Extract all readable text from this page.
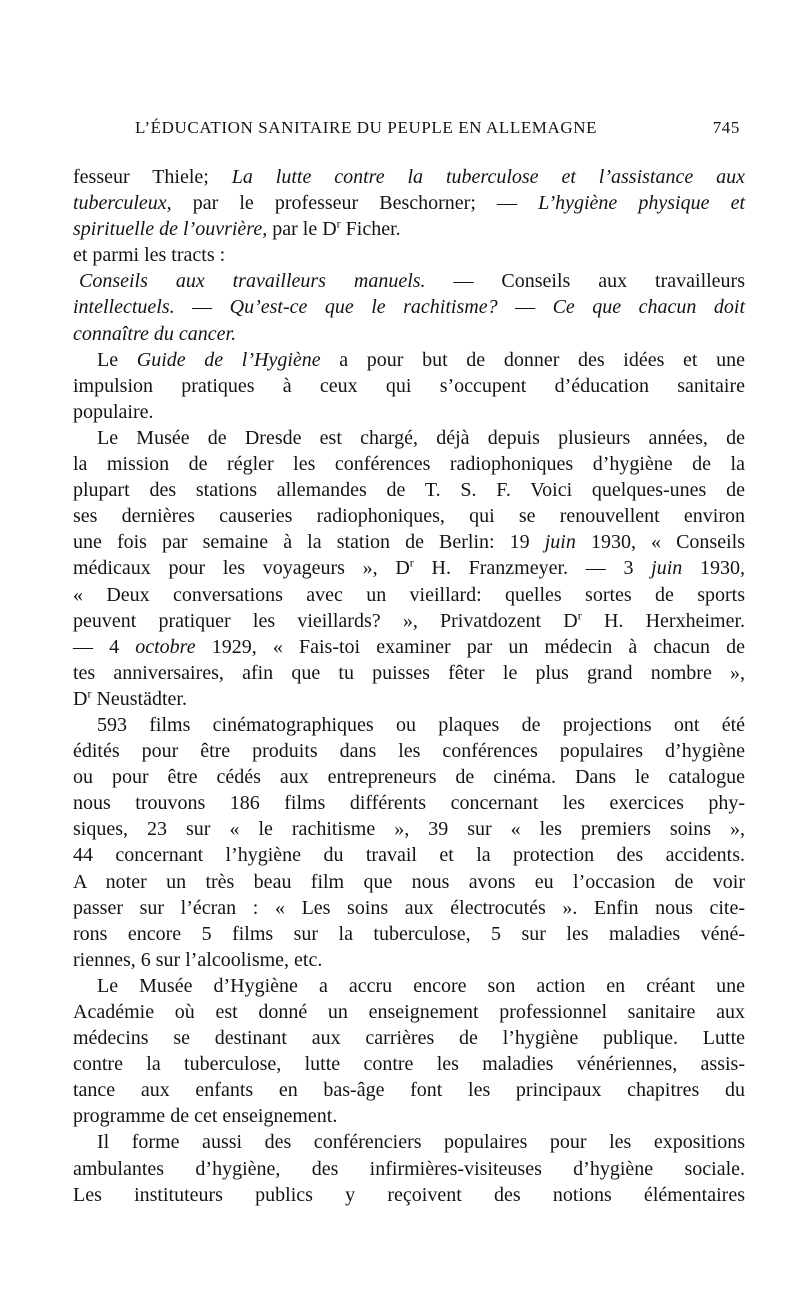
L’ÉDUCATION SANITAIRE DU PEUPLE EN ALLEMAGNE	745
fesseur Thiele; La lutte contre la tuberculose et l’assistance aux
tuberculeux, par le professeur Beschorner; — L’hygiène physique et
spirituelle de l’ouvrière, par le $D^r$ Ficher.
et parmi les tracts :
Conseils aux travailleurs manuels. — Conseils aux travailleurs
intellectuels. — Qu’est-ce que le rachitisme? — Ce que chacun doit
connaître du cancer.
Le Guide de l’Hygiène a pour but de donner des idées et une
impulsion pratiques à ceux qui s’occupent d’éducation sanitaire
populaire.
Le Musée de Dresde est chargé, déjà depuis plusieurs années, de
la mission de régler les conférences radiophoniques d’hygiène de la
plupart des stations allemandes de T. S. F. Voici quelques-unes de
ses dernières causeries radiophoniques, qui se renouvellent environ
une fois par semaine à la station de Berlin: 19 juin 1930, « Conseils
médicaux pour les voyageurs », $D^r$ H. Franzmeyer. — 3 juin 1930,
« Deux conversations avec un vieillard: quelles sortes de sports
peuvent pratiquer les vieillards? », Privatdozent $D^r$ H. Herxheimer.
— 4 octobre 1929, « Fais-toi examiner par un médecin à chacun de
tes anniversaires, afin que tu puisses fêter le plus grand nombre »,
$D^r$ Neustädter.
593 films cinématographiques ou plaques de projections ont été
édités pour être produits dans les conférences populaires d’hygiène
ou pour être cédés aux entrepreneurs de cinéma. Dans le catalogue
nous trouvons 186 films différents concernant les exercices phy-
siques, 23 sur « le rachitisme », 39 sur « les premiers soins »,
44 concernant l’hygiène du travail et la protection des accidents.
A noter un très beau film que nous avons eu l’occasion de voir
passer sur l’écran : « Les soins aux électrocutés ». Enfin nous cite-
rons encore 5 films sur la tuberculose, 5 sur les maladies véné-
riennes, 6 sur l’alcoolisme, etc.
Le Musée d’Hygiène a accru encore son action en créant une
Académie où est donné un enseignement professionnel sanitaire aux
médecins se destinant aux carrières de l’hygiène publique. Lutte
contre la tuberculose, lutte contre les maladies vénériennes, assis-
tance aux enfants en bas-âge font les principaux chapitres du
programme de cet enseignement.
Il forme aussi des conférenciers populaires pour les expositions
ambulantes d’hygiène, des infirmières-visiteuses d’hygiène sociale.
Les instituteurs publics y reçoivent des notions élémentaires
